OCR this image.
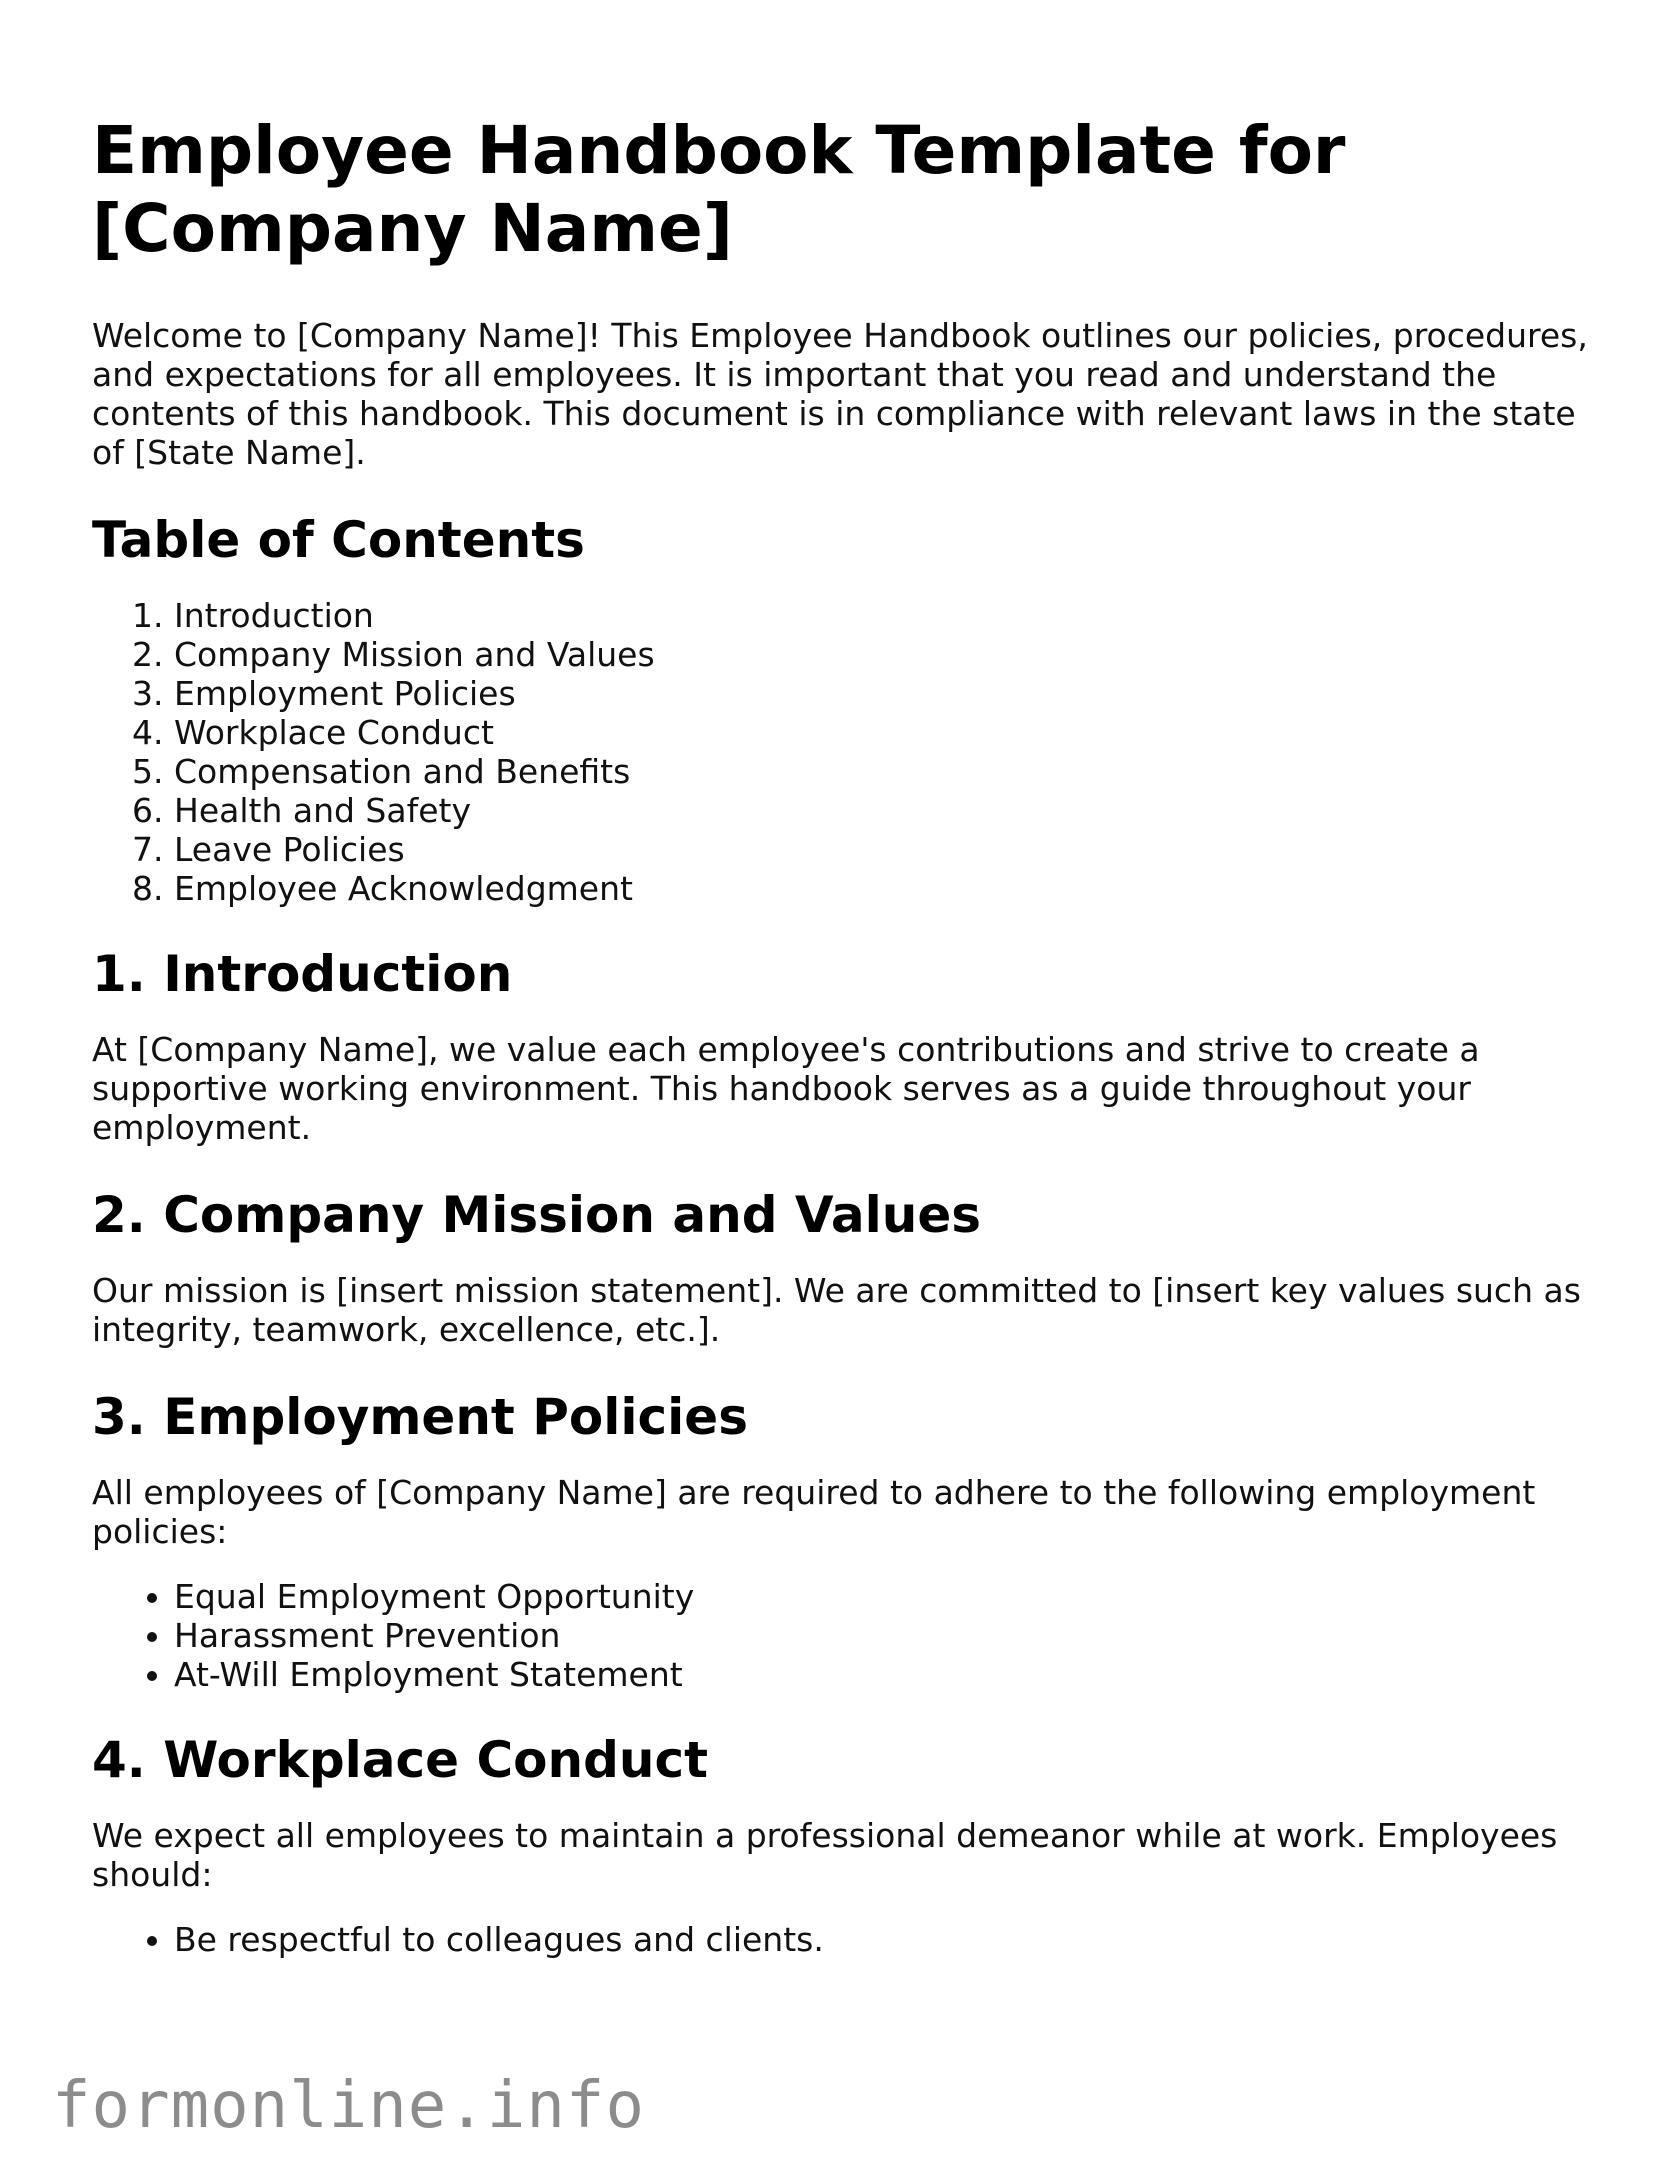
Employee Handbook Template for [Company Name]

Welcome to [Company Name]! This Employee Handbook outlines our policies, procedures, and expectations for all employees. It is important that you read and understand the contents of this handbook. This document is in compliance with relevant laws in the state of [State Name].

Table of Contents
1. Introduction
2. Company Mission and Values
3. Employment Policies
4. Workplace Conduct
5. Compensation and Benefits
6. Health and Safety
7. Leave Policies
8. Employee Acknowledgment
1. Introduction

At [Company Name], we value each employee's contributions and strive to create a supportive working environment. This handbook serves as a guide throughout your employment.

2. Company Mission and Values

Our mission is [insert mission statement]. We are committed to [insert key values such as integrity, teamwork, excellence, etc.].

3. Employment Policies

All employees of [Company Name] are required to adhere to the following employment policies:

• Equal Employment Opportunity
• Harassment Prevention
• At-Will Employment Statement
4. Workplace Conduct

We expect all employees to maintain a professional demeanor while at work. Employees should:

• Be respectful to colleagues and clients.
formonline.info
